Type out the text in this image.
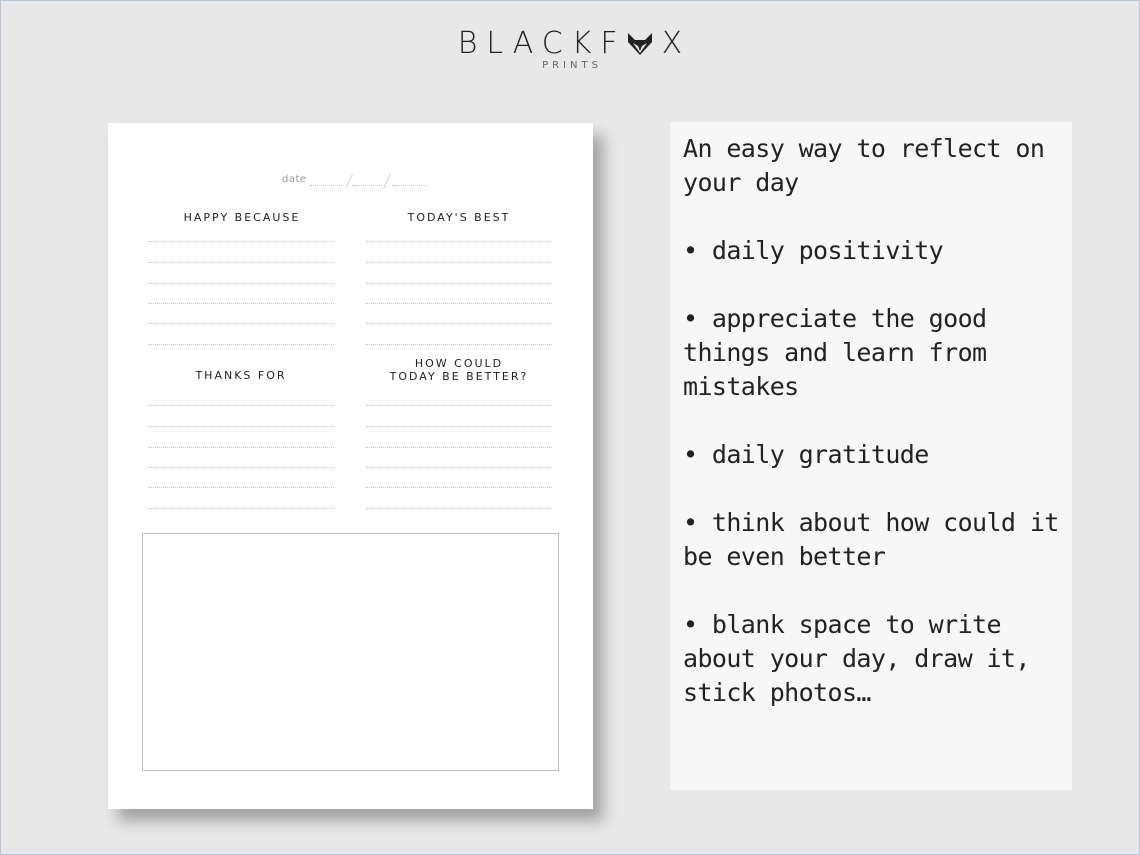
BLACKF X
PRINTS
date / /
HAPPY BECAUSE	TODAY'S BEST
THANKS FOR
HOW COULD
TODAY BE BETTER?

An easy way to reflect on your day

• daily positivity

• appreciate the good things and learn from mistakes

• daily gratitude

• think about how could it be even better

• blank space to write about your day, draw it, stick photos…
